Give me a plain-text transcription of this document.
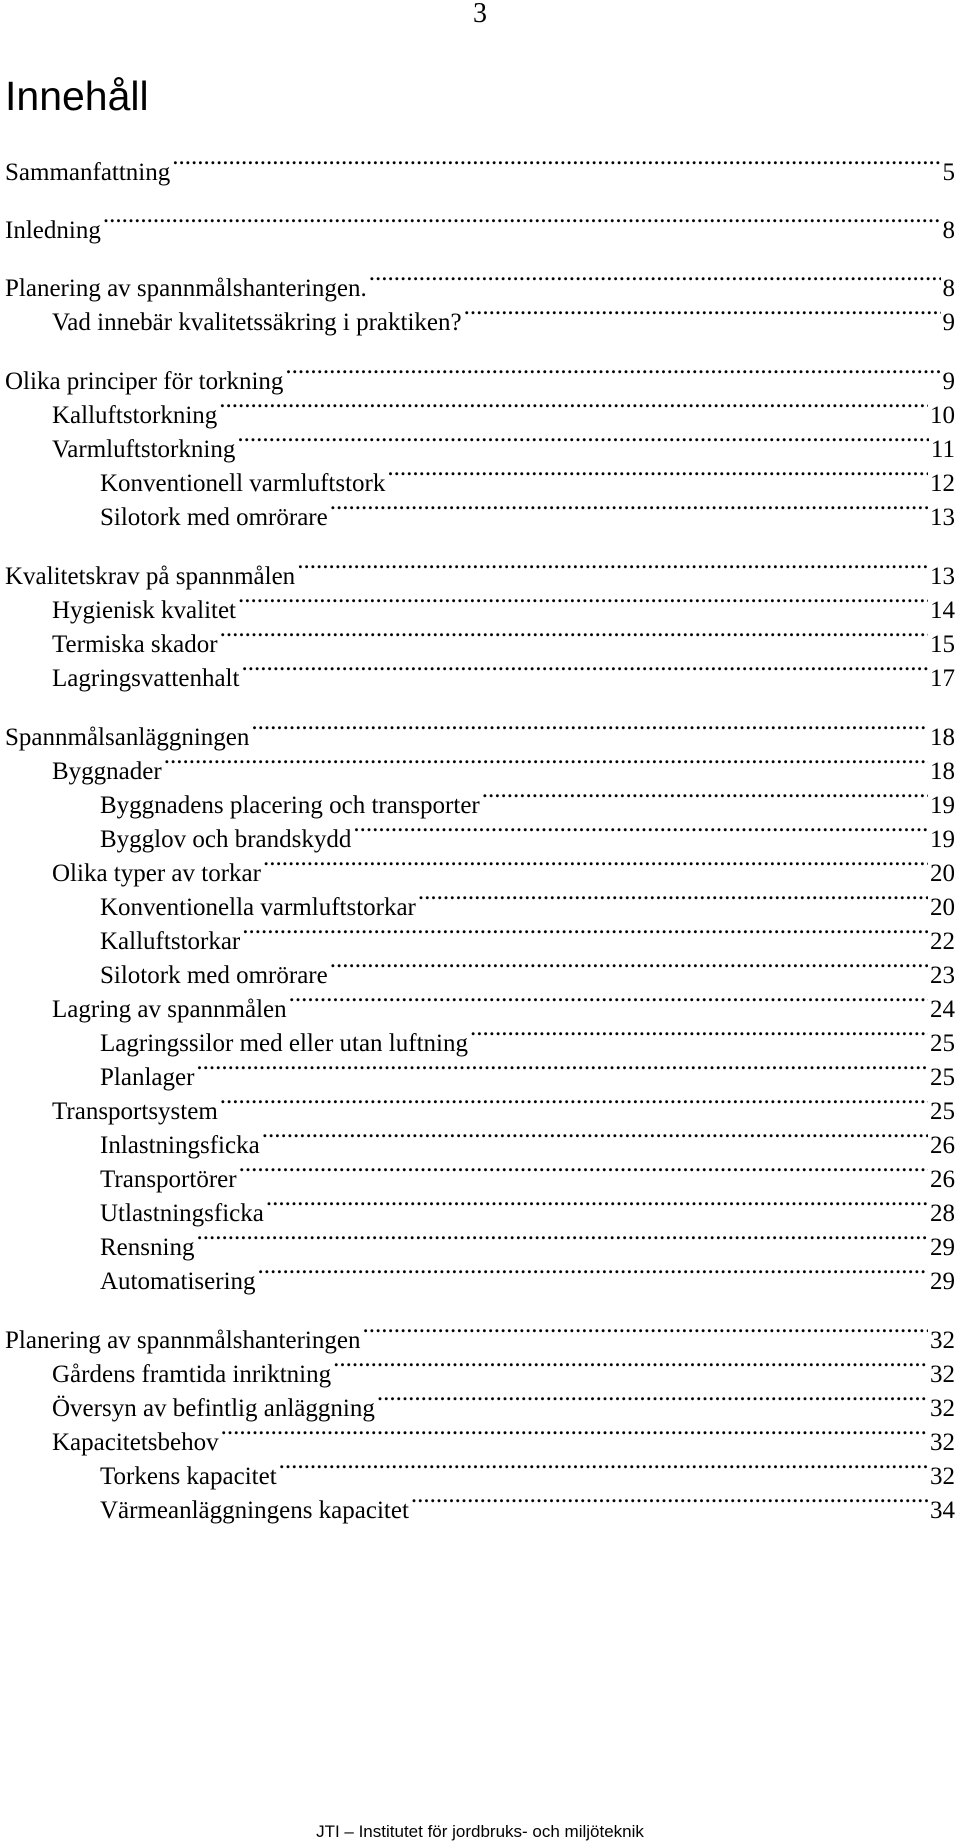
3
Innehåll
Sammanfattning .....	5
Inledning .....	8
Planering av spannmålshanteringen. .....	8
Vad innebär kvalitetssäkring i praktiken? .....	9
Olika principer för torkning .....	9
Kalluftstorkning .....	10
Varmluftstorkning .....	11
Konventionell varmluftstork .....	12
Silotork med omrörare .....	13
Kvalitetskrav på spannmålen .....	13
Hygienisk kvalitet .....	14
Termiska skador .....	15
Lagringsvattenhalt .....	17
Spannmålsanläggningen .....	18
Byggnader .....	18
Byggnadens placering och transporter .....	19
Bygglov och brandskydd .....	19
Olika typer av torkar .....	20
Konventionella varmluftstorkar .....	20
Kalluftstorkar .....	22
Silotork med omrörare .....	23
Lagring av spannmålen .....	24
Lagringssilor med eller utan luftning .....	25
Planlager .....	25
Transportsystem .....	25
Inlastningsficka .....	26
Transportörer .....	26
Utlastningsficka .....	28
Rensning .....	29
Automatisering .....	29
Planering av spannmålshanteringen .....	32
Gårdens framtida inriktning .....	32
Översyn av befintlig anläggning .....	32
Kapacitetsbehov .....	32
Torkens kapacitet .....	32
Värmeanläggningens kapacitet .....	34
JTI – Institutet för jordbruks- och miljöteknik
